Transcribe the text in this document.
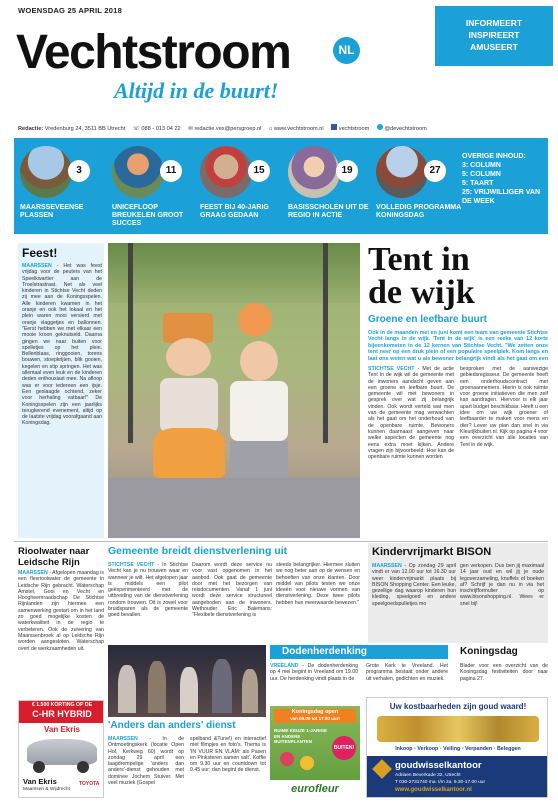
WOENSDAG 25 APRIL 2018
Vechtstroom	NL
Altijd in de buurt!
INFORMEERT
INSPIREERT
AMUSEERT
Redactie: Vredenburg 24, 3511 BB Utrecht ☏ 088 - 013 04 22 ✉ redactie.ves@persgroep.nl ⌂ www.vechtstroom.nl	vechtstroom	@devechtstroom
3
MAARSSEVEENSE PLASSEN
11
UNICEFLOOP BREUKELEN GROOT SUCCES
15
FEEST BIJ 40-JARIG GRAAG GEDAAN
19
BASISSCHOLEN UIT DE REGIO IN ACTIE
27
VOLLEDIG PROGRAMMA KONINGSDAG
OVERIGE INHOUD:
3: COLUMN
5: COLUMN
5: TAART
25: VRIJWILLIGER VAN DE WEEK
Feest!
MAARSSEN - Het was feest vrijdag voor de peuters van het Speelkwartier aan de Troelstrastraat. Net als veel kinderen in Stichtse Vecht deden zij mee aan de Koningsspelen. Alle kinderen kwamen in het oranje en ook het lokaal en het plein waren mooi versierd met oranje vlaggetjes en ballonnen. "Eerst hebben we met elkaar een mooie kroon geknutseld. Daarna gingen we naar buiten voor spelletjes op het plein. Bellenblaas, ringgooien, torens bouwen, stoepkrijten, blik gooien, kegelen en stip springen. Het was allemaal even leuk en de kinderen deden enthousiast mee. Na afloop was er voor iedereen een ijsje. Een geslaagde ochtend, zeker voor herhaling vatbaar!" De Koningsspelen zijn een jaarlijks terugkerend evenement, altijd op de laatste vrijdag voorafgaand aan Koningsdag.
Tent in
de wijk
Groene en leefbare buurt
Ook in de maanden mei en juni komt een team van gemeente Stichtse Vecht langs in de wijk. 'Tent in de wijk' is een reeks van 12 korte bijeenkomsten in de 12 kernen van Stichtse Vecht. "We zetten onze tent neer op een druk plein of een populaire speelplek. Kom langs en laat ons weten wat u als bewoner belangrijk vindt als het gaat om een
STICHTSE VECHT - Met de actie Tent in de wijk wil de gemeente met de inwoners aandacht geven aan een groene en leefbare buurt. De gemeente wil met bewoners in gesprek over wat zij belangrijk vinden. Ook wordt verteld wat men van de gemeente mag verwachten als het gaat om het onderhoud van de openbare ruimte. Bewoners kunnen daarnaast aangeven naar welke aspecten de gemeente nog eens extra moet kijken. Andere vragen zijn bijvoorbeeld: Hoe kan de openbare ruimte kunnen worden
besproken met de aanwezige gebiedsregisseur. De gemeente heeft een onderhoudscontract met groenaannemers. Hierin is ook ruimte voor groene initiatieven die men zelf kan aandragen. Hiervoor is elk jaar apart budget beschikbaar. Heeft u een idee om uw wijk groener of leefbaarder te maken voor mens en dier? Lever uw plan dan snel in via Kleurijkbuiten.nl. Kijk op pagina 4 voor een overzicht van alle locaties van Tent in de wijk.
Rioolwater naar Leidsche Rijn
MAARSSEN - Afgelopen maandag is een flesrioolwater de gemeente in Leidsche Rijn gebracht. Waterschap Amstel, Gooi en Vecht en Hoogheemraadschap De Stichtse Rijnlanden zijn hiermee een samenwerking gestart om in het land zo goed mogelijke kosten de waterkwaliteit in de regio te verbeteren. Ook de zuivering van Maarssenbroek al op Leidsche Rijn worden aangesloten. Waterschap overt de werkzaamheden uit.
Gemeente breidt dienstverlening uit
STICHTSE VECHT - In Stichtse Vecht kan je nu trouwen waar en wanneer je wilt. Het afgelopen jaar is middels een pilot geëxperimenteerd met de uitbreiding van de dienstverlening rondom trouwen. Dit is zowel voor bruidsparen als de gemeente goed bevallen.
Daarom wordt deze service nu voor vast opgenomen in het aanbod. Ook gaat de gemeente door met het bezorgen van reisdocumenten. Vanaf 1 juni wordt deze service structureel aangeboden aan de inwoners. Wethouder Eric Balemans: "Flexibele dienstverlening is
steeds belangrijker. Hiermee sluiten we nog beter aan op de wensen en behoeften van onze klanten. Door middel van pilots testen we onze ideeën voor nieuwe vormen van dienstverlening. Deze twee pilots hebben hun meerwaarde bewezen."
Kindervrijmarkt BISON
MAARSSEN - Op zondag 29 april vindt er van 12.00 uur tot 16.30 uur weer kindervrijmarkt plaats bij BISON Shopping Center. Een leuke, gezellige dag waarop kinderen hun kleding, speelgoed en andere speelgoedspulletjes mo
gen verkopen. Dus ben jij maximaal 14 jaar oud en wil jij je oude legoverzameling, knuffels of boeken af? Schrijf je dan nu in via het inschrijfformulier op www.bisonshopping.nl. Wees er snel bij!
Dodenherdenking
VREELAND - De dodenherdenking op 4 mei begint in Vreeland om 19.00 uur. De herdenking vindt plaats in de
Grote Kerk te Vreeland. Het programma bestaat onder andere uit verhalen, gedichten en muziek.
Koningsdag
Blader voor een overzicht van de Koningsdag festiviteiten door naar pagina 27.
€ 1.500 KORTING OP DE
C-HR HYBRID
Van Ekris
Van Ekris
Maarssen & Wijdrecht
TOYOTA
'Anders dan anders' dienst
MAARSSEN - In de Ontmoetingskerk (locatie Open Hof, Kerkweg 60) wordt op zondag 29 april een laagdrempelige 'anders dan anders'-dienst gehouden met dominee Jochem Stuiver. Met veel muziek (Gospel
spelband &Tune!) en interactief met filmpjes en foto's. Thema is 'IN VUUR EN VLAM: als Pasen en Pinksteren samen valt'. Koffie om 9.30 uur en countdown tot 9.45 uur: dan begint de dienst.
Koningsdag open
van 09.00 tot 17.00 uur!
RUIME KEUZE 1-JARIGE EN ANDERE BUITENPLANTEN
BUITEN!
eurofleur
Uw kostbaarheden zijn goud waard!
Inkoop • Verkoop • Veiling • Verpanden • Beleggen
goudwisselkantoor
Adriaen Beverkade 32, Utrecht
T 030-2731740 ma. t/m za. 9.30-17.00 uur
www.goudwisselkantoor.nl
